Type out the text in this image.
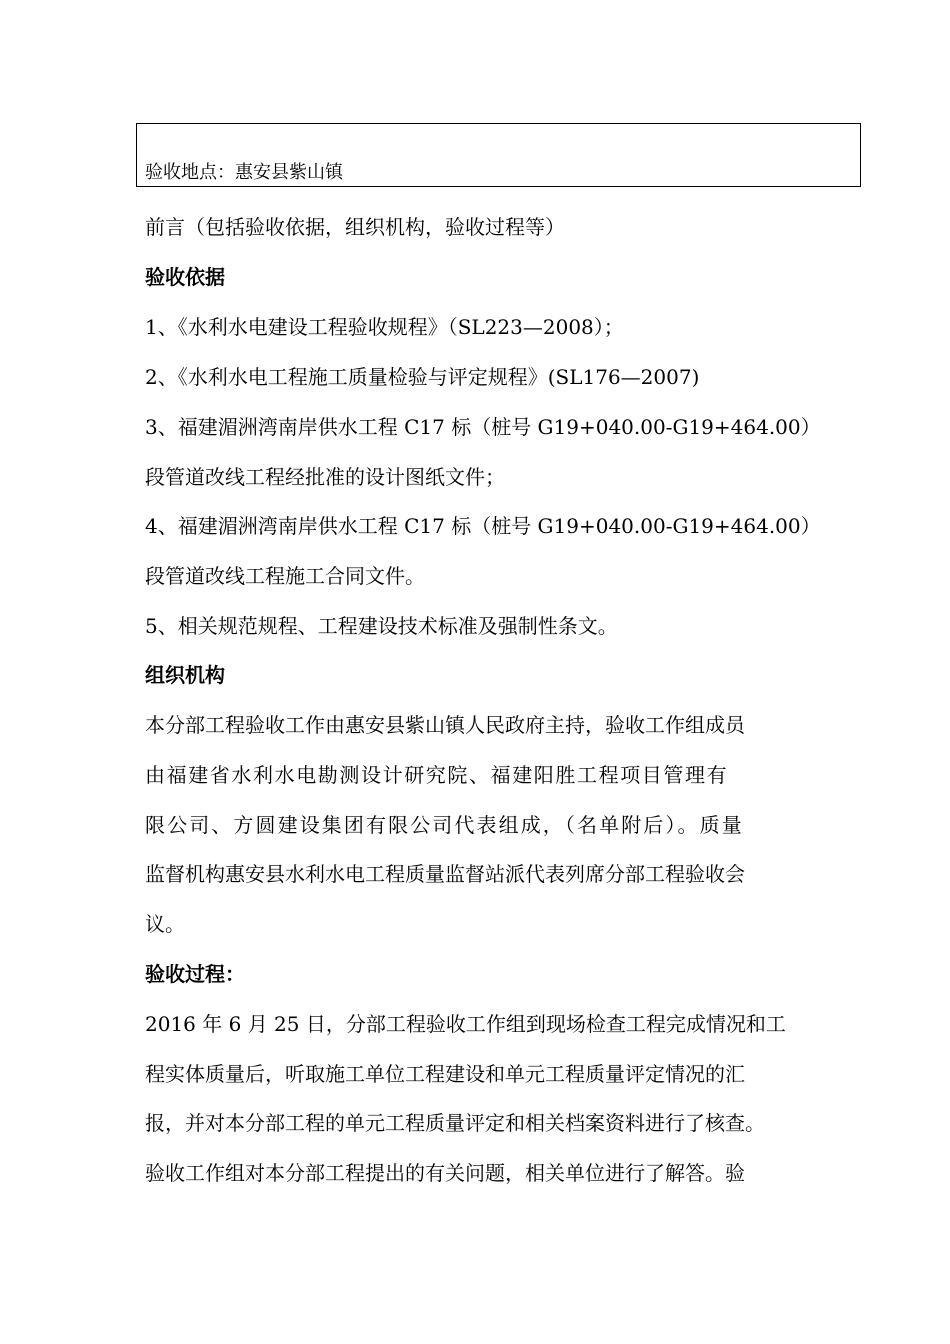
验收地点：惠安县紫山镇
前言（包括验收依据，组织机构，验收过程等）
验收依据
1、《水利水电建设工程验收规程》（SL223—2008）；
2、《水利水电工程施工质量检验与评定规程》(SL176—2007)
3、福建湄洲湾南岸供水工程 C17 标（桩号 G19+040.00-G19+464.00）
段管道改线工程经批准的设计图纸文件；
4、福建湄洲湾南岸供水工程 C17 标（桩号 G19+040.00-G19+464.00）
段管道改线工程施工合同文件。
5、相关规范规程、工程建设技术标准及强制性条文。
组织机构
本分部工程验收工作由惠安县紫山镇人民政府主持，验收工作组成员
由福建省水利水电勘测设计研究院、福建阳胜工程项目管理有
限公司、方圆建设集团有限公司代表组成，（名单附后）。质量
监督机构惠安县水利水电工程质量监督站派代表列席分部工程验收会
议。
验收过程：
2016 年 6 月 25 日，分部工程验收工作组到现场检查工程完成情况和工
程实体质量后，听取施工单位工程建设和单元工程质量评定情况的汇
报，并对本分部工程的单元工程质量评定和相关档案资料进行了核查。
验收工作组对本分部工程提出的有关问题，相关单位进行了解答。验
